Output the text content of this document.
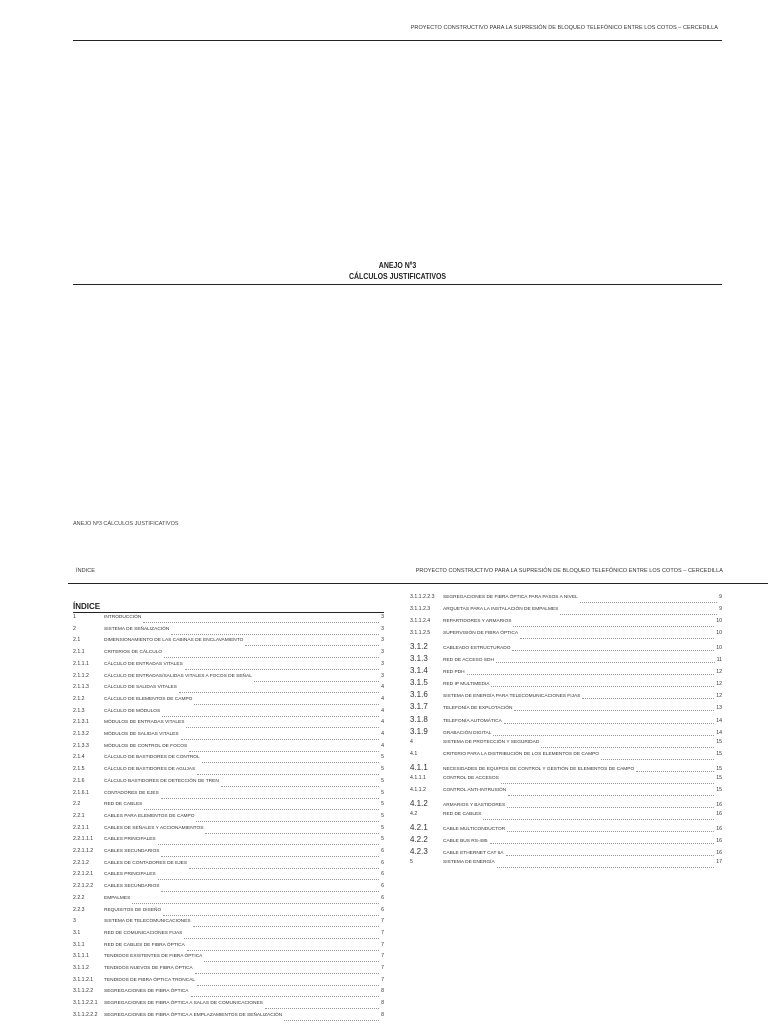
PROYECTO CONSTRUCTIVO PARA LA SUPRESIÓN DE BLOQUEO TELEFÓNICO ENTRE LOS COTOS – CERCEDILLA
ANEJO Nº3
CÁLCULOS JUSTIFICATIVOS
ANEJO Nº3 CÁLCULOS JUSTIFICATIVOS
ÍNDICE	PROYECTO CONSTRUCTIVO PARA LA SUPRESIÓN DE BLOQUEO TELEFÓNICO ENTRE LOS COTOS – CERCEDILLA
ÍNDICE
1	INTRODUCCIÓN	3
2	SISTEMA DE SEÑALIZACIÓN	3
2.1	DIMENSIONAMIENTO DE LAS CABINAS DE ENCLAVAMIENTO	3
2.1.1	CRITERIOS DE CÁLCULO	3
2.1.1.1	CÁLCULO DE ENTRADAS VITALES	3
2.1.1.2	CÁLCULO DE ENTRADAS/SALIDAS VITALES A FOCOS DE SEÑAL	3
2.1.1.3	CÁLCULO DE SALIDAS VITALES	4
2.1.2	CÁLCULO DE ELEMENTOS DE CAMPO	4
2.1.3	CÁLCULO DE MÓDULOS	4
2.1.3.1	MÓDULOS DE ENTRADAS VITALES	4
2.1.3.2	MÓDULOS DE SALIDAS VITALES	4
2.1.3.3	MÓDULOS DE CONTROL DE FOCOS	4
2.1.4	CÁLCULO DE BASTIDORES DE CONTROL	5
2.1.5	CÁLCULO DE BASTIDORES DE AGUJAS	5
2.1.6	CÁLCULO BASTIDORES DE DETECCIÓN DE TREN	5
2.1.6.1	CONTADORES DE EJES	5
2.2	RED DE CABLES	5
2.2.1	CABLES PARA ELEMENTOS DE CAMPO	5
2.2.1.1	CABLES DE SEÑALES Y ACCIONAMIENTOS	5
2.2.1.1.1	CABLES PRINCIPALES	5
2.2.1.1.2	CABLES SECUNDARIOS	6
2.2.1.2	CABLES DE CONTADORES DE EJES	6
2.2.1.2.1	CABLES PRINCIPALES	6
2.2.1.2.2	CABLES SECUNDARIOS	6
2.2.2	EMPALMES	6
2.2.3	REQUISITOS DE DISEÑO	6
3	SISTEMA DE TELECOMUNICACIONES	7
3.1	RED DE COMUNICACIONES FIJAS	7
3.1.1	RED DE CABLES DE FIBRA ÓPTICA	7
3.1.1.1	TENDIDOS EXISTENTES DE FIBRA ÓPTICA	7
3.1.1.2	TENDIDOS NUEVOS DE FIBRA ÓPTICA	7
3.1.1.2.1	TENDIDOS DE FIBRA ÓPTICA TRONCAL	7
3.1.1.2.2	SEGREGACIONES DE FIBRA ÓPTICA	8
3.1.1.2.2.1	SEGREGACIONES DE FIBRA ÓPTICA A SALAS DE COMUNICACIONES	8
3.1.1.2.2.2	SEGREGACIONES DE FIBRA ÓPTICA A EMPLAZAMIENTOS DE SEÑALIZACIÓN	8
3.1.1.2.2.3	SEGREGACIONES DE FIBRA ÓPTICA PARA PASOS A NIVEL	9
3.1.1.2.3	ARQUETAS PARA LA INSTALACIÓN DE EMPALMES	9
3.1.1.2.4	REPARTIDORES Y ARMARIOS	10
3.1.1.2.5	SUPERVISIÓN DE FIBRA ÓPTICA	10
3.1.2	CABLEADO ESTRUCTURADO	10
3.1.3	RED DE ACCESO SDH	11
3.1.4	RED PDH	12
3.1.5	RED IP MULTIMEDIA	12
3.1.6	SISTEMA DE ENERGÍA PARA TELECOMUNICACIONES FIJAS	12
3.1.7	TELEFONÍA DE EXPLOTACIÓN	13
3.1.8	TELEFONÍA AUTOMÁTICA	14
3.1.9	GRABACIÓN DIGITAL	14
4	SISTEMA DE PROTECCIÓN Y SEGURIDAD	15
4.1	CRITERIO PARA LA DISTRIBUCIÓN DE LOS ELEMENTOS DE CAMPO	15
4.1.1	NECESIDADES DE EQUIPOS DE CONTROL Y GESTIÓN DE ELEMENTOS DE CAMPO	15
4.1.1.1	CONTROL DE ACCESOS	15
4.1.1.2	CONTROL ANTI-INTRUSIÓN	15
4.1.2	ARMARIOS Y BASTIDORES	16
4.2	RED DE CABLES	16
4.2.1	CABLE MULTICONDUCTOR	16
4.2.2	CABLE BUS RS-485	16
4.2.3	CABLE ETHERNET CAT 6A	16
5	SISTEMA DE ENERGÍA	17
